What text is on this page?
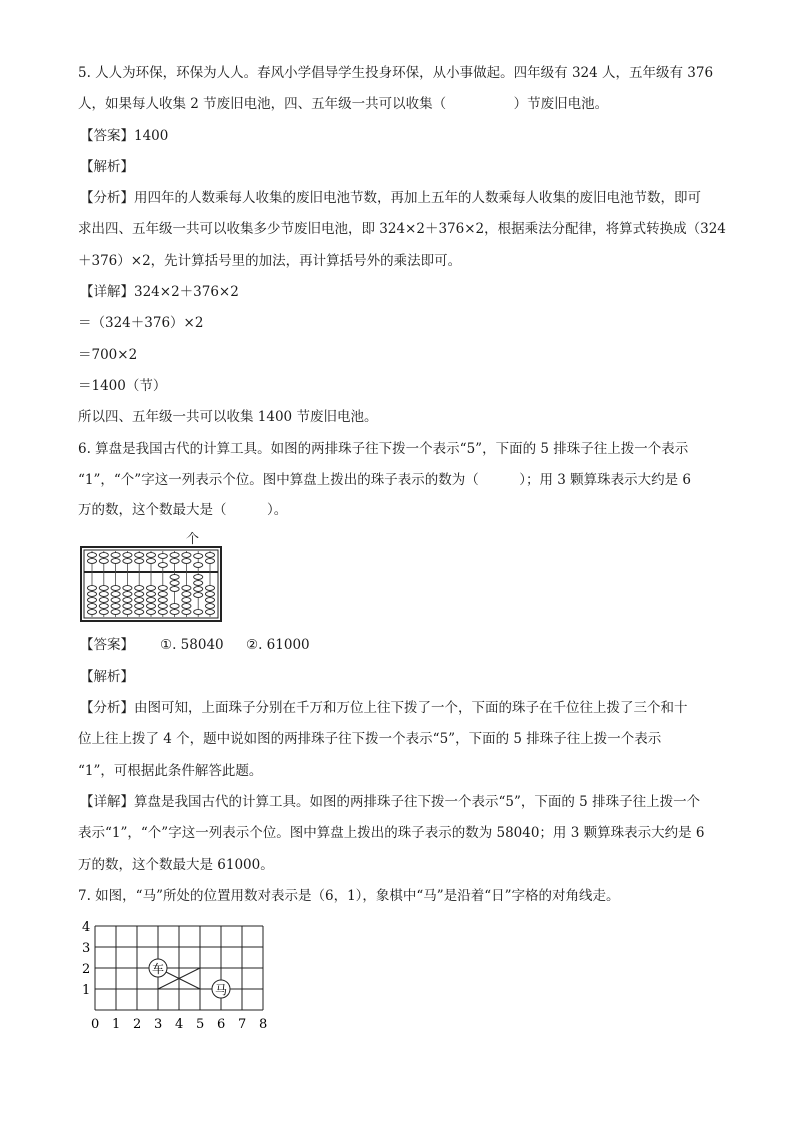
5. 人人为环保，环保为人人。春风小学倡导学生投身环保，从小事做起。四年级有 324 人，五年级有 376
人，如果每人收集 2 节废旧电池，四、五年级一共可以收集（　　　　　）节废旧电池。
【答案】1400
【解析】
【分析】用四年的人数乘每人收集的废旧电池节数，再加上五年的人数乘每人收集的废旧电池节数，即可
求出四、五年级一共可以收集多少节废旧电池，即 324×2＋376×2，根据乘法分配律，将算式转换成（324
＋376）×2，先计算括号里的加法，再计算括号外的乘法即可。
【详解】324×2＋376×2
＝（324＋376）×2
＝700×2
＝1400（节）
所以四、五年级一共可以收集 1400 节废旧电池。
6. 算盘是我国古代的计算工具。如图的两排珠子往下拨一个表示“5”，下面的 5 排珠子往上拨一个表示
“1”，“个”字这一列表示个位。图中算盘上拨出的珠子表示的数为（　　　）；用 3 颗算珠表示大约是 6
万的数，这个数最大是（　　　）。
个
【答案】 ①. 58040 ②. 61000
【解析】
【分析】由图可知，上面珠子分别在千万和万位上往下拨了一个，下面的珠子在千位往上拨了三个和十
位上往上拨了 4 个，题中说如图的两排珠子往下拨一个表示“5”，下面的 5 排珠子往上拨一个表示
“1”，可根据此条件解答此题。
【详解】算盘是我国古代的计算工具。如图的两排珠子往下拨一个表示“5”，下面的 5 排珠子往上拨一个
表示“1”，“个”字这一列表示个位。图中算盘上拨出的珠子表示的数为 58040；用 3 颗算珠表示大约是 6
万的数，这个数最大是 61000。
7. 如图，“马”所处的位置用数对表示是（6，1），象棋中“马”是沿着“日”字格的对角线走。
车
马
4
3
2
1
0 1 2 3 4 5 6 7 8
